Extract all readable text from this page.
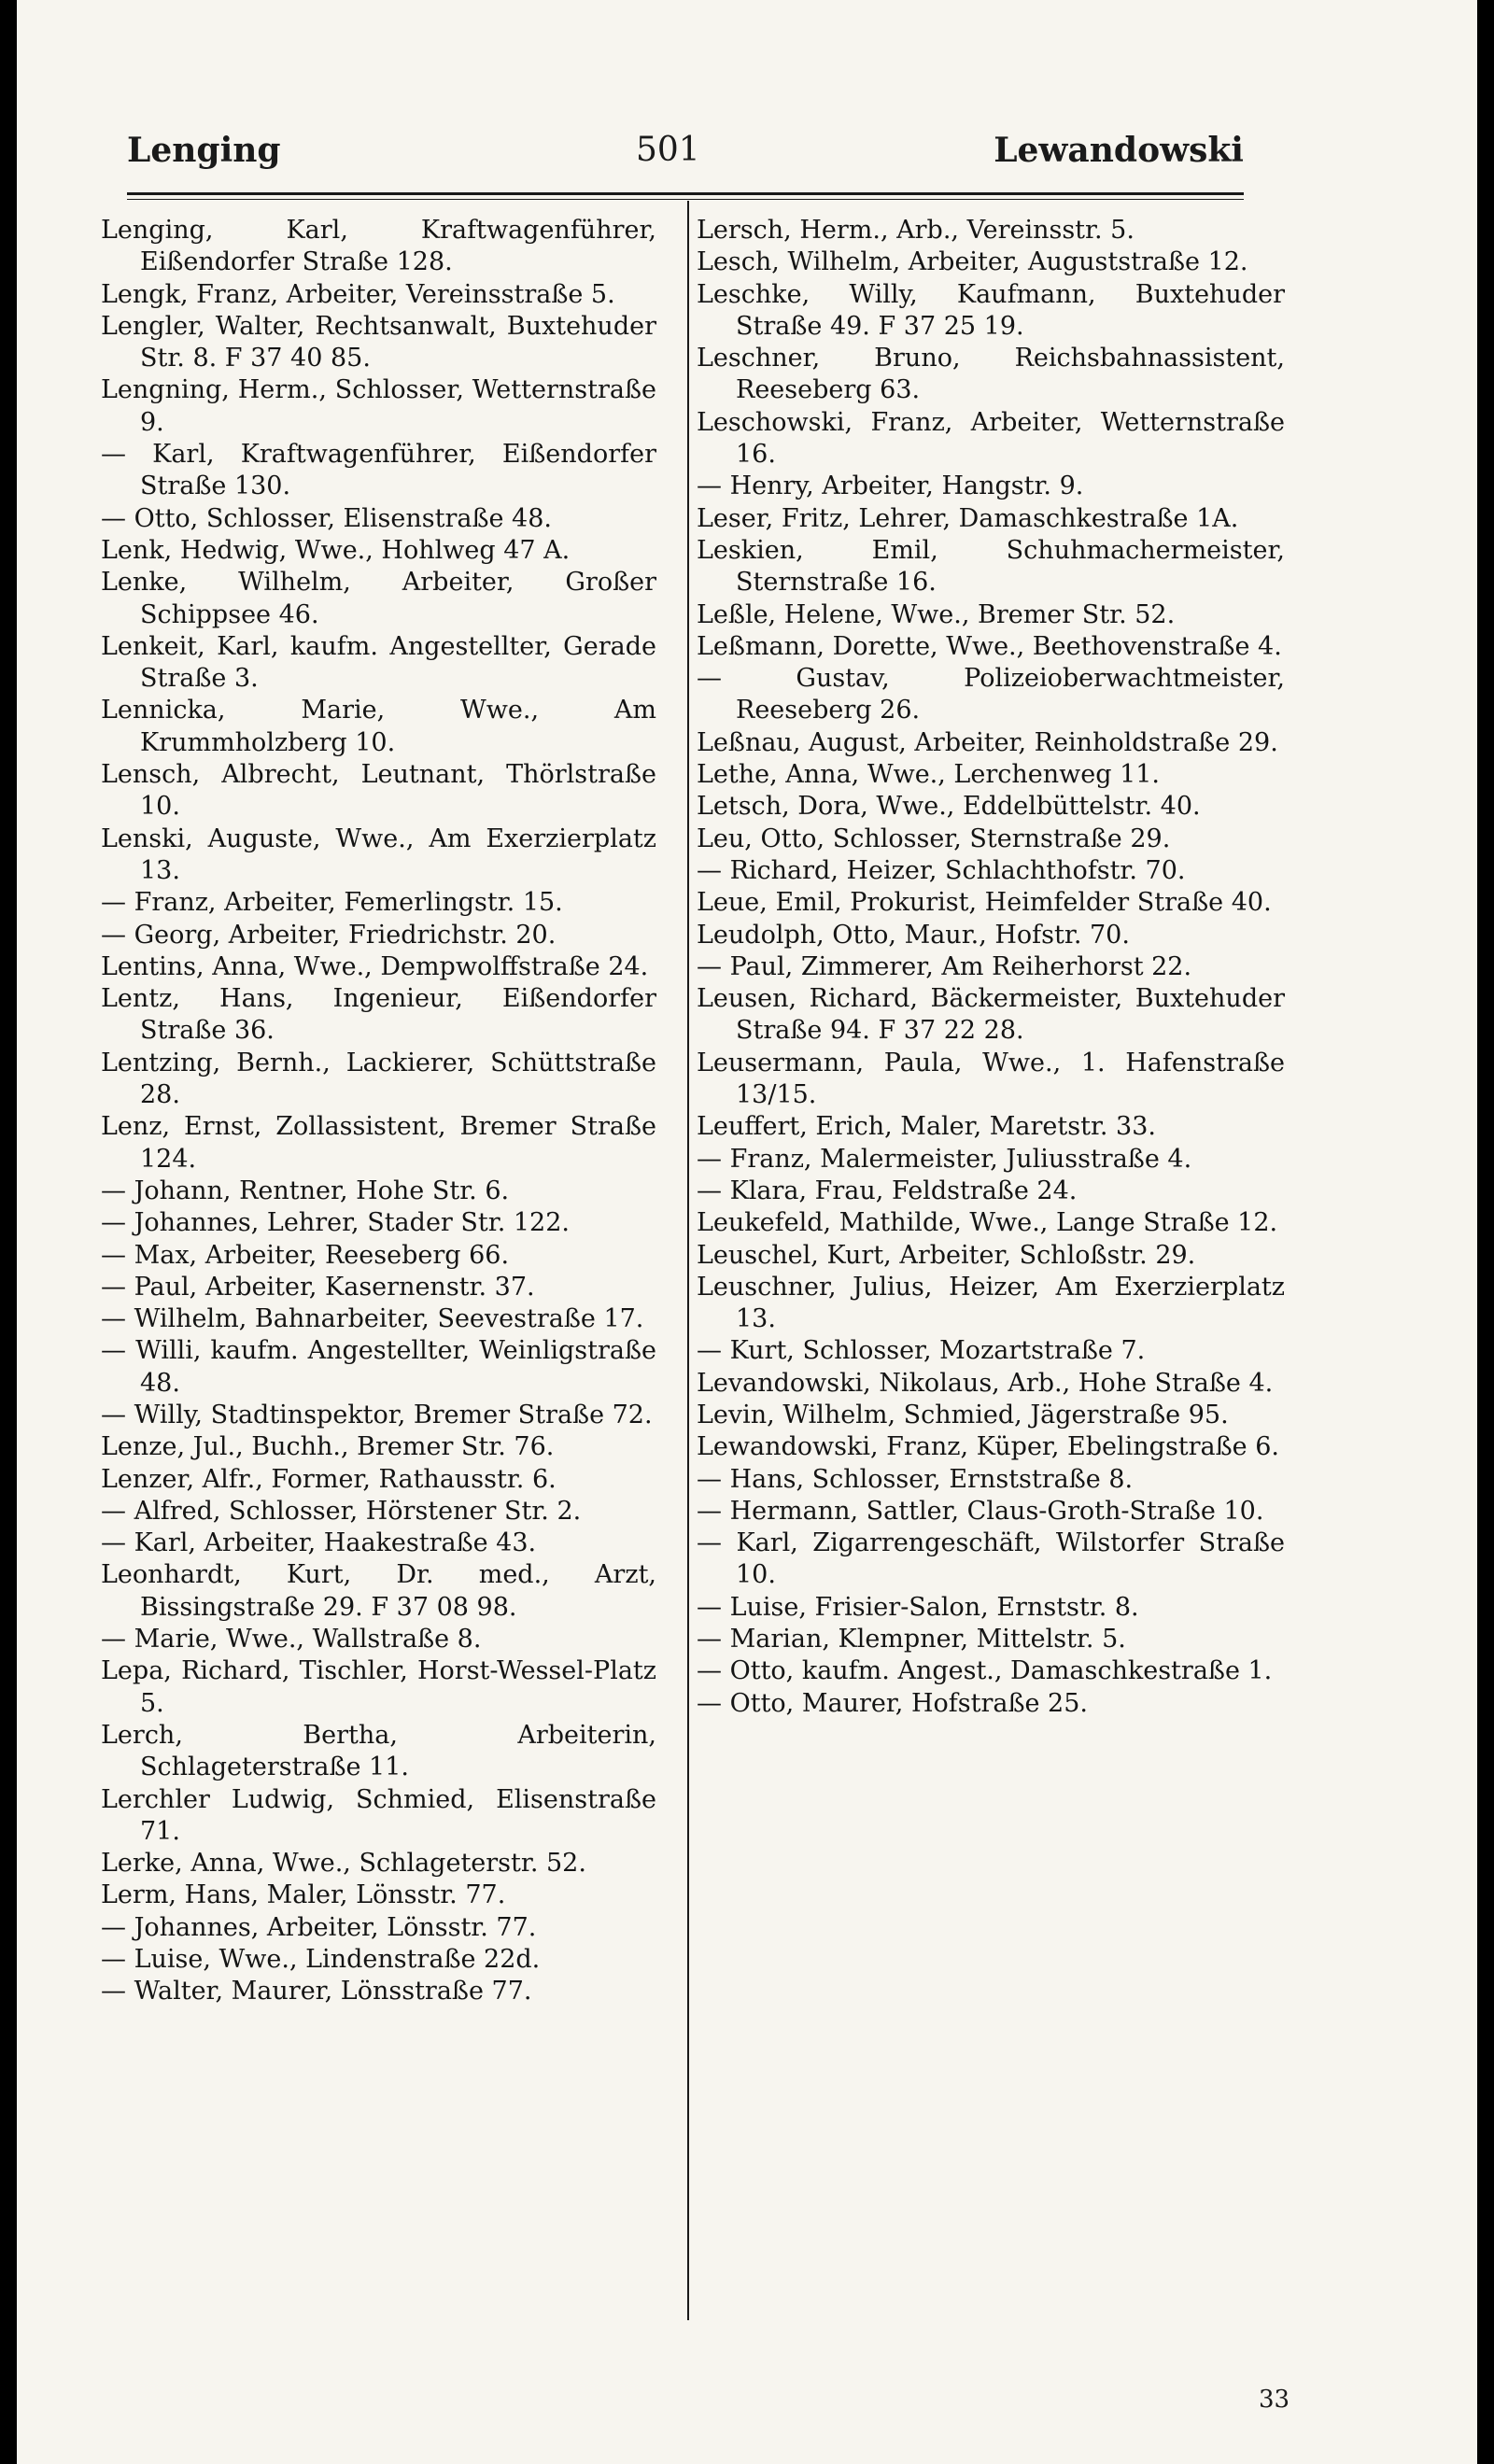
Lenging	501	Lewandowski

Lenging, Karl, Kraftwagenführer, Eißendorfer Straße 128.

Lengk, Franz, Arbeiter, Vereinsstraße 5.

Lengler, Walter, Rechtsanwalt, Buxtehuder Str. 8. F 37 40 85.

Lengning, Herm., Schlosser, Wetternstraße 9.

— Karl, Kraftwagenführer, Eißendorfer Straße 130.

— Otto, Schlosser, Elisenstraße 48.

Lenk, Hedwig, Wwe., Hohlweg 47 A.

Lenke, Wilhelm, Arbeiter, Großer Schippsee 46.

Lenkeit, Karl, kaufm. Angestellter, Gerade Straße 3.

Lennicka, Marie, Wwe., Am Krummholzberg 10.

Lensch, Albrecht, Leutnant, Thörlstraße 10.

Lenski, Auguste, Wwe., Am Exerzierplatz 13.

— Franz, Arbeiter, Femerlingstr. 15.

— Georg, Arbeiter, Friedrichstr. 20.

Lentins, Anna, Wwe., Dempwolffstraße 24.

Lentz, Hans, Ingenieur, Eißendorfer Straße 36.

Lentzing, Bernh., Lackierer, Schüttstraße 28.

Lenz, Ernst, Zollassistent, Bremer Straße 124.

— Johann, Rentner, Hohe Str. 6.

— Johannes, Lehrer, Stader Str. 122.

— Max, Arbeiter, Reeseberg 66.

— Paul, Arbeiter, Kasernenstr. 37.

— Wilhelm, Bahnarbeiter, Seevestraße 17.

— Willi, kaufm. Angestellter, Weinligstraße 48.

— Willy, Stadtinspektor, Bremer Straße 72.

Lenze, Jul., Buchh., Bremer Str. 76.

Lenzer, Alfr., Former, Rathausstr. 6.

— Alfred, Schlosser, Hörstener Str. 2.

— Karl, Arbeiter, Haakestraße 43.

Leonhardt, Kurt, Dr. med., Arzt, Bissingstraße 29. F 37 08 98.

— Marie, Wwe., Wallstraße 8.

Lepa, Richard, Tischler, Horst-Wessel-Platz 5.

Lerch, Bertha, Arbeiterin, Schlageterstraße 11.

Lerchler Ludwig, Schmied, Elisenstraße 71.

Lerke, Anna, Wwe., Schlageterstr. 52.

Lerm, Hans, Maler, Lönsstr. 77.

— Johannes, Arbeiter, Lönsstr. 77.

— Luise, Wwe., Lindenstraße 22d.

— Walter, Maurer, Lönsstraße 77.

Lersch, Herm., Arb., Vereinsstr. 5.

Lesch, Wilhelm, Arbeiter, Auguststraße 12.

Leschke, Willy, Kaufmann, Buxtehuder Straße 49. F 37 25 19.

Leschner, Bruno, Reichsbahnassistent, Reeseberg 63.

Leschowski, Franz, Arbeiter, Wetternstraße 16.

— Henry, Arbeiter, Hangstr. 9.

Leser, Fritz, Lehrer, Damaschkestraße 1A.

Leskien, Emil, Schuhmachermeister, Sternstraße 16.

Leßle, Helene, Wwe., Bremer Str. 52.

Leßmann, Dorette, Wwe., Beethovenstraße 4.

— Gustav, Polizeioberwachtmeister, Reeseberg 26.

Leßnau, August, Arbeiter, Reinholdstraße 29.

Lethe, Anna, Wwe., Lerchenweg 11.

Letsch, Dora, Wwe., Eddelbüttelstr. 40.

Leu, Otto, Schlosser, Sternstraße 29.

— Richard, Heizer, Schlachthofstr. 70.

Leue, Emil, Prokurist, Heimfelder Straße 40.

Leudolph, Otto, Maur., Hofstr. 70.

— Paul, Zimmerer, Am Reiherhorst 22.

Leusen, Richard, Bäckermeister, Buxtehuder Straße 94. F 37 22 28.

Leusermann, Paula, Wwe., 1. Hafenstraße 13/15.

Leuffert, Erich, Maler, Maretstr. 33.

— Franz, Malermeister, Juliusstraße 4.

— Klara, Frau, Feldstraße 24.

Leukefeld, Mathilde, Wwe., Lange Straße 12.

Leuschel, Kurt, Arbeiter, Schloßstr. 29.

Leuschner, Julius, Heizer, Am Exerzierplatz 13.

— Kurt, Schlosser, Mozartstraße 7.

Levandowski, Nikolaus, Arb., Hohe Straße 4.

Levin, Wilhelm, Schmied, Jägerstraße 95.

Lewandowski, Franz, Küper, Ebelingstraße 6.

— Hans, Schlosser, Ernststraße 8.

— Hermann, Sattler, Claus-Groth-Straße 10.

— Karl, Zigarrengeschäft, Wilstorfer Straße 10.

— Luise, Frisier-Salon, Ernststr. 8.

— Marian, Klempner, Mittelstr. 5.

— Otto, kaufm. Angest., Damaschkestraße 1.

— Otto, Maurer, Hofstraße 25.

33
